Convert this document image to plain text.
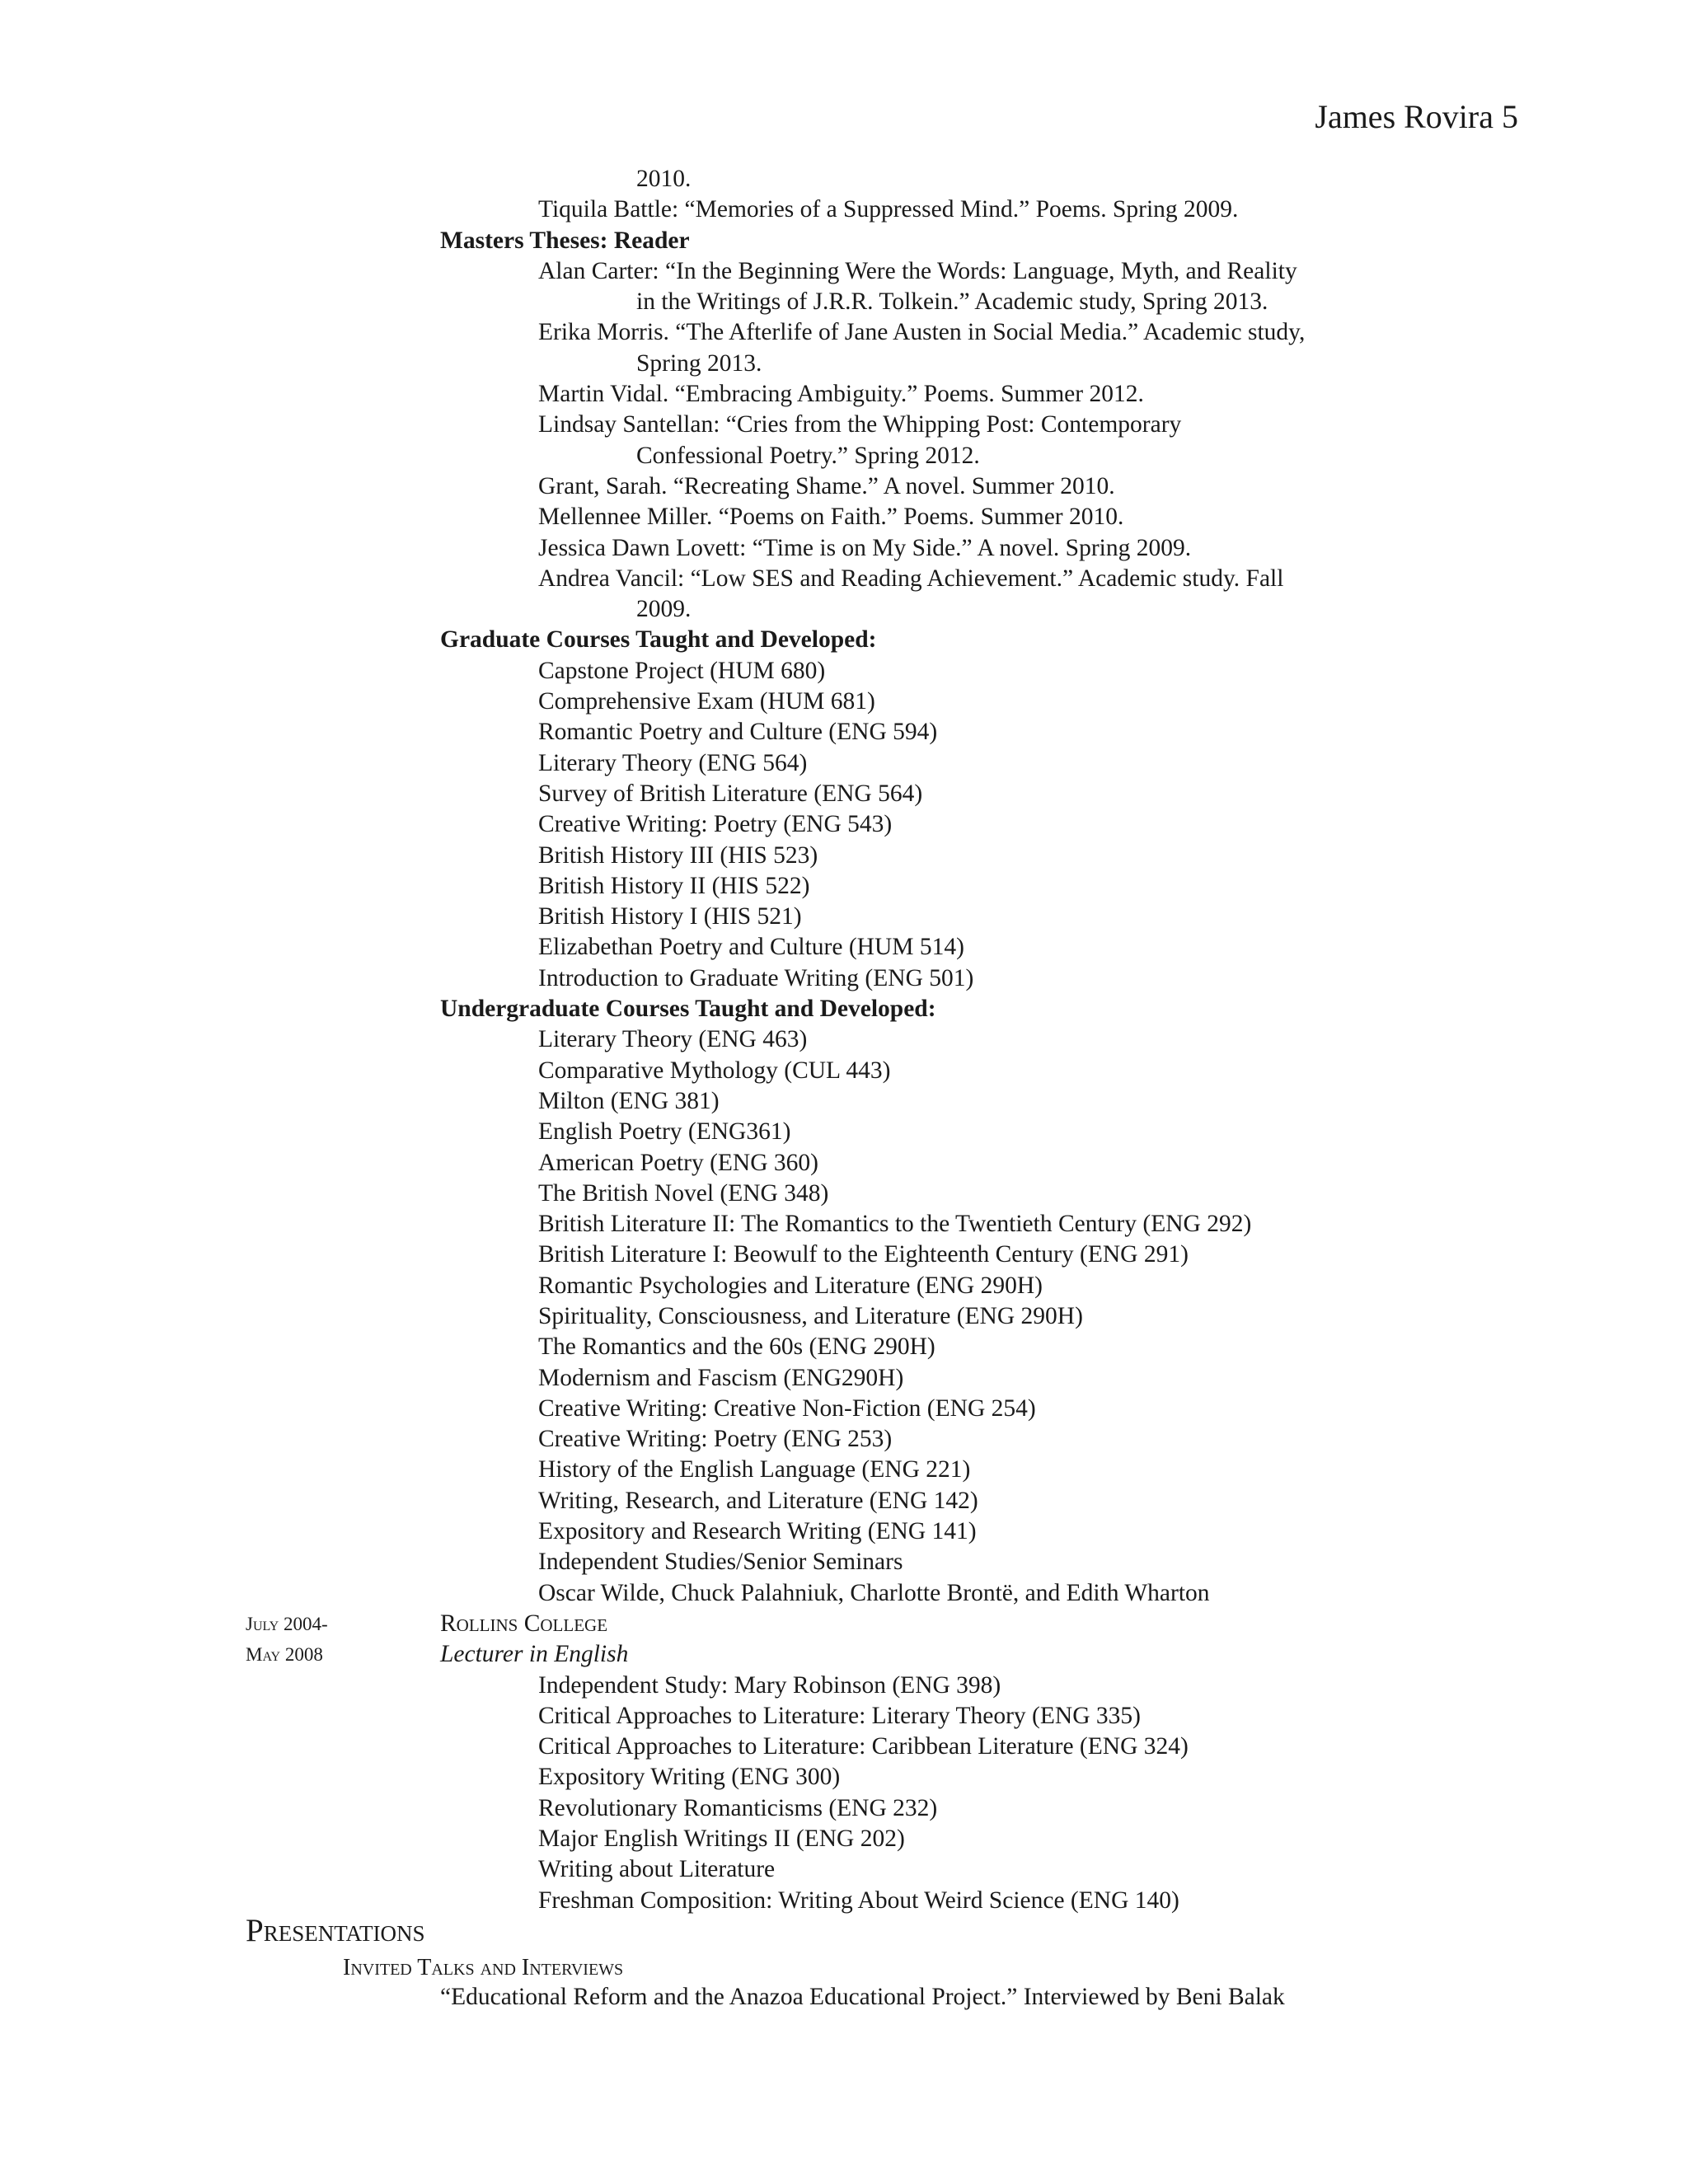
James Rovira 5
2010.
Tiquila Battle: “Memories of a Suppressed Mind.” Poems. Spring 2009.
Masters Theses: Reader
Alan Carter: “In the Beginning Were the Words: Language, Myth, and Reality
in the Writings of J.R.R. Tolkein.” Academic study, Spring 2013.
Erika Morris. “The Afterlife of Jane Austen in Social Media.” Academic study,
Spring 2013.
Martin Vidal. “Embracing Ambiguity.” Poems. Summer 2012.
Lindsay Santellan: “Cries from the Whipping Post: Contemporary
Confessional Poetry.” Spring 2012.
Grant, Sarah. “Recreating Shame.” A novel. Summer 2010.
Mellennee Miller. “Poems on Faith.” Poems. Summer 2010.
Jessica Dawn Lovett: “Time is on My Side.” A novel. Spring 2009.
Andrea Vancil: “Low SES and Reading Achievement.” Academic study. Fall
2009.
Graduate Courses Taught and Developed:
Capstone Project (HUM 680)
Comprehensive Exam (HUM 681)
Romantic Poetry and Culture (ENG 594)
Literary Theory (ENG 564)
Survey of British Literature (ENG 564)
Creative Writing: Poetry (ENG 543)
British History III (HIS 523)
British History II (HIS 522)
British History I (HIS 521)
Elizabethan Poetry and Culture (HUM 514)
Introduction to Graduate Writing (ENG 501)
Undergraduate Courses Taught and Developed:
Literary Theory (ENG 463)
Comparative Mythology (CUL 443)
Milton (ENG 381)
English Poetry (ENG361)
American Poetry (ENG 360)
The British Novel (ENG 348)
British Literature II: The Romantics to the Twentieth Century (ENG 292)
British Literature I: Beowulf to the Eighteenth Century (ENG 291)
Romantic Psychologies and Literature (ENG 290H)
Spirituality, Consciousness, and Literature (ENG 290H)
The Romantics and the 60s (ENG 290H)
Modernism and Fascism (ENG290H)
Creative Writing: Creative Non-Fiction (ENG 254)
Creative Writing: Poetry (ENG 253)
History of the English Language (ENG 221)
Writing, Research, and Literature (ENG 142)
Expository and Research Writing (ENG 141)
Independent Studies/Senior Seminars
Oscar Wilde, Chuck Palahniuk, Charlotte Brontë, and Edith Wharton
July 2004-	Rollins College
May 2008	Lecturer in English
Independent Study: Mary Robinson (ENG 398)
Critical Approaches to Literature: Literary Theory (ENG 335)
Critical Approaches to Literature: Caribbean Literature (ENG 324)
Expository Writing (ENG 300)
Revolutionary Romanticisms (ENG 232)
Major English Writings II (ENG 202)
Writing about Literature
Freshman Composition: Writing About Weird Science (ENG 140)
Presentations
Invited Talks and Interviews
“Educational Reform and the Anazoa Educational Project.” Interviewed by Beni Balak
